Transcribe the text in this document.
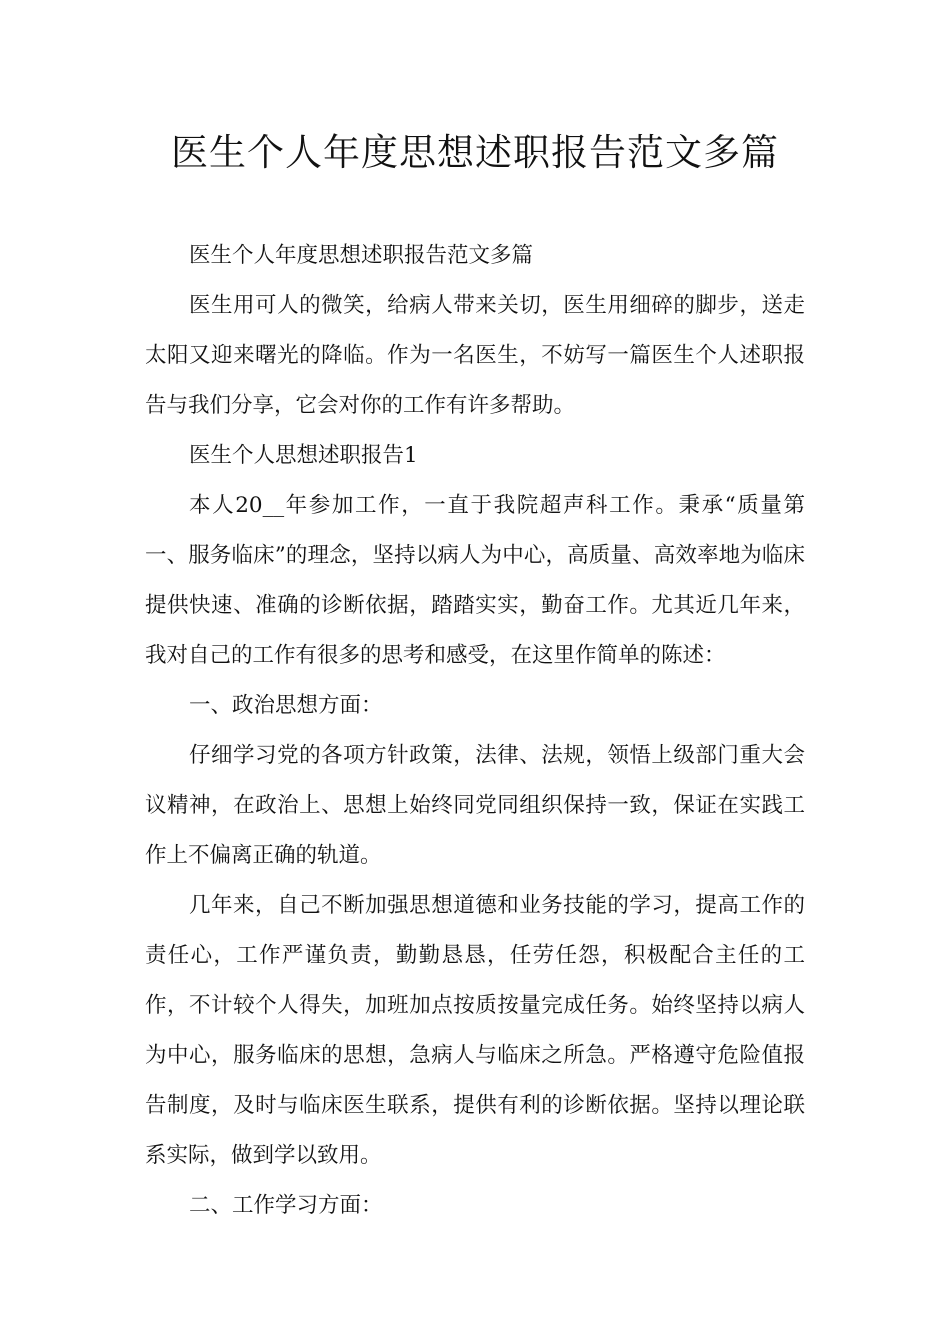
医生个人年度思想述职报告范文多篇

医生个人年度思想述职报告范文多篇

医生用可人的微笑，给病人带来关切，医生用细碎的脚步，送走太阳又迎来曙光的降临。作为一名医生，不妨写一篇医生个人述职报告与我们分享，它会对你的工作有许多帮助。

医生个人思想述职报告1

本人20__年参加工作，一直于我院超声科工作。秉承“质量第一、服务临床”的理念，坚持以病人为中心，高质量、高效率地为临床提供快速、准确的诊断依据，踏踏实实，勤奋工作。尤其近几年来，我对自己的工作有很多的思考和感受，在这里作简单的陈述：

一、政治思想方面：

仔细学习党的各项方针政策，法律、法规，领悟上级部门重大会议精神，在政治上、思想上始终同党同组织保持一致，保证在实践工作上不偏离正确的轨道。

几年来，自己不断加强思想道德和业务技能的学习，提高工作的责任心，工作严谨负责，勤勤恳恳，任劳任怨，积极配合主任的工作，不计较个人得失，加班加点按质按量完成任务。始终坚持以病人为中心，服务临床的思想，急病人与临床之所急。严格遵守危险值报告制度，及时与临床医生联系，提供有利的诊断依据。坚持以理论联系实际，做到学以致用。

二、工作学习方面：
